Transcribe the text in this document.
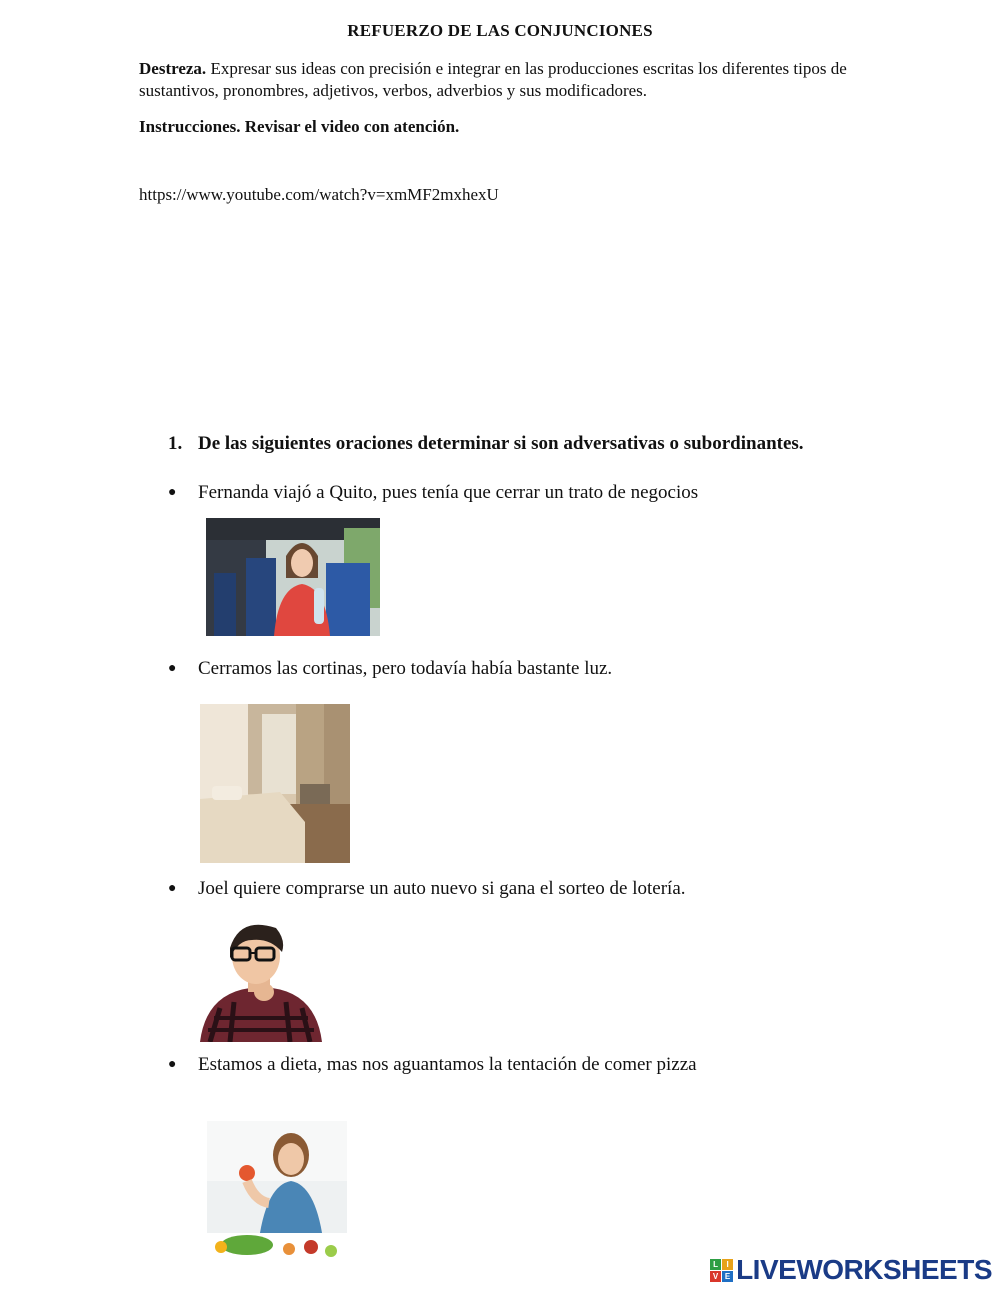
REFUERZO DE LAS CONJUNCIONES
Destreza. Expresar sus ideas con precisión e integrar en las producciones escritas los diferentes tipos de sustantivos, pronombres, adjetivos, verbos, adverbios y sus modificadores.
Instrucciones. Revisar el video con atención.
https://www.youtube.com/watch?v=xmMF2mxhexU
1. De las siguientes oraciones determinar si son adversativas o subordinantes.
● Fernanda viajó a Quito, pues tenía que cerrar un trato de negocios
● Cerramos las cortinas, pero todavía había bastante luz.
● Joel quiere comprarse un auto nuevo si gana el sorteo de lotería.
● Estamos a dieta, mas nos aguantamos la tentación de comer pizza
L	I
V E LIVEWORKSHEETS
